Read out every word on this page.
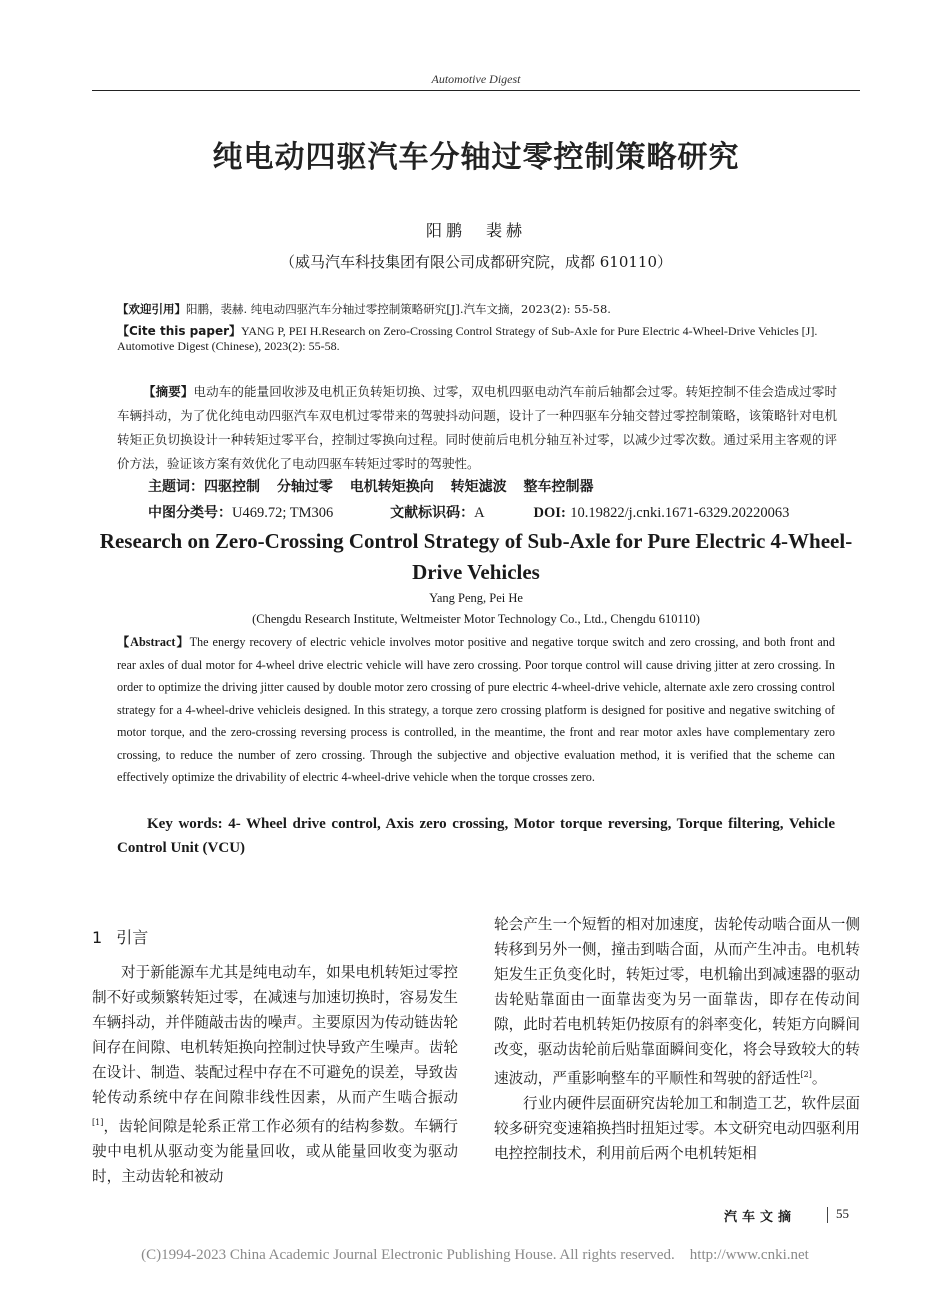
Automotive Digest
纯电动四驱汽车分轴过零控制策略研究
阳鹏　裴赫
（威马汽车科技集团有限公司成都研究院，成都 610110）
【欢迎引用】阳鹏，裴赫. 纯电动四驱汽车分轴过零控制策略研究[J].汽车文摘，2023(2): 55-58.
【Cite this paper】YANG P, PEI H.Research on Zero-Crossing Control Strategy of Sub-Axle for Pure Electric 4-Wheel-Drive Vehicles [J]. Automotive Digest (Chinese), 2023(2): 55-58.
【摘要】电动车的能量回收涉及电机正负转矩切换、过零，双电机四驱电动汽车前后轴都会过零。转矩控制不佳会造成过零时车辆抖动，为了优化纯电动四驱汽车双电机过零带来的驾驶抖动问题，设计了一种四驱车分轴交替过零控制策略，该策略针对电机转矩正负切换设计一种转矩过零平台，控制过零换向过程。同时使前后电机分轴互补过零，以减少过零次数。通过采用主客观的评价方法，验证该方案有效优化了电动四驱车转矩过零时的驾驶性。
主题词：四驱控制 分轴过零 电机转矩换向 转矩滤波 整车控制器
中图分类号：U469.72; TM306	文献标识码：A	DOI: 10.19822/j.cnki.1671-6329.20220063
Research on Zero-Crossing Control Strategy of Sub-Axle for Pure Electric 4-Wheel-Drive Vehicles
Yang Peng, Pei He
(Chengdu Research Institute, Weltmeister Motor Technology Co., Ltd., Chengdu 610110)
【Abstract】The energy recovery of electric vehicle involves motor positive and negative torque switch and zero crossing, and both front and rear axles of dual motor for 4-wheel drive electric vehicle will have zero crossing. Poor torque control will cause driving jitter at zero crossing. In order to optimize the driving jitter caused by double motor zero crossing of pure electric 4-wheel-drive vehicle, alternate axle zero crossing control strategy for a 4-wheel-drive vehicleis designed. In this strategy, a torque zero crossing platform is designed for positive and negative switching of motor torque, and the zero-crossing reversing process is controlled, in the meantime, the front and rear motor axles have complementary zero crossing, to reduce the number of zero crossing. Through the subjective and objective evaluation method, it is verified that the scheme can effectively optimize the drivability of electric 4-wheel-drive vehicle when the torque crosses zero.
Key words: 4- Wheel drive control, Axis zero crossing, Motor torque reversing, Torque filtering, Vehicle Control Unit (VCU)
1 引言
对于新能源车尤其是纯电动车，如果电机转矩过零控制不好或频繁转矩过零，在减速与加速切换时，容易发生车辆抖动，并伴随敲击齿的噪声。主要原因为传动链齿轮间存在间隙、电机转矩换向控制过快导致产生噪声。齿轮在设计、制造、装配过程中存在不可避免的误差，导致齿轮传动系统中存在间隙非线性因素，从而产生啮合振动[1]，齿轮间隙是轮系正常工作必须有的结构参数。车辆行驶中电机从驱动变为能量回收，或从能量回收变为驱动时，主动齿轮和被动
轮会产生一个短暂的相对加速度，齿轮传动啮合面从一侧转移到另外一侧，撞击到啮合面，从而产生冲击。电机转矩发生正负变化时，转矩过零，电机输出到减速器的驱动齿轮贴靠面由一面靠齿变为另一面靠齿，即存在传动间隙，此时若电机转矩仍按原有的斜率变化，转矩方向瞬间改变，驱动齿轮前后贴靠面瞬间变化，将会导致较大的转速波动，严重影响整车的平顺性和驾驶的舒适性[2]。
行业内硬件层面研究齿轮加工和制造工艺，软件层面较多研究变速箱换挡时扭矩过零。本文研究电动四驱利用电控控制技术，利用前后两个电机转矩相
汽车文摘	55
(C)1994-2023 China Academic Journal Electronic Publishing House. All rights reserved.    http://www.cnki.net
